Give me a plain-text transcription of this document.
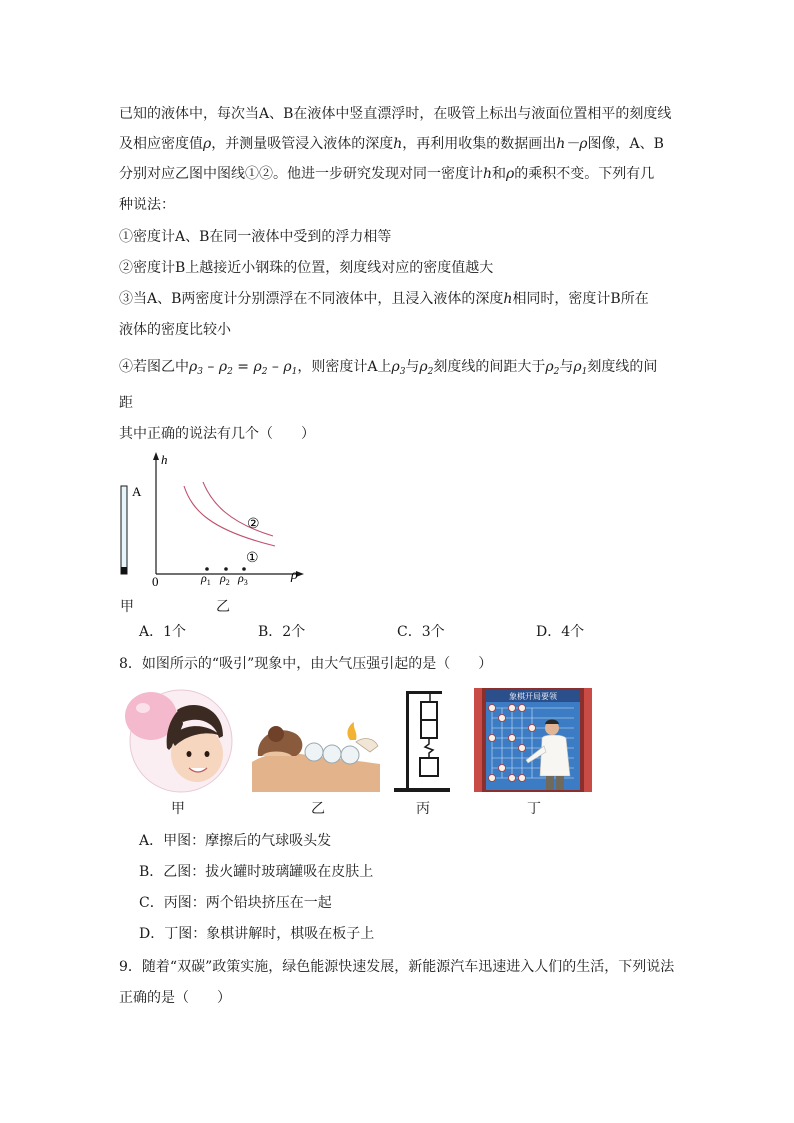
已知的液体中，每次当A、B在液体中竖直漂浮时，在吸管上标出与液面位置相平的刻度线
及相应密度值ρ，并测量吸管浸入液体的深度h，再利用收集的数据画出h－ρ图像，A、B
分别对应乙图中图线①②。他进一步研究发现对同一密度计h和ρ的乘积不变。下列有几
种说法：
①密度计A、B在同一液体中受到的浮力相等
②密度计B上越接近小钢珠的位置，刻度线对应的密度值越大
③当A、B两密度计分别漂浮在不同液体中，且浸入液体的深度h相同时，密度计B所在
液体的密度比较小
④若图乙中$\rho_3 - \rho_2 = \rho_2 - \rho_1$，则密度计A上$\rho_3$与$\rho_2$刻度线的间距大于$\rho_2$与$\rho_1$刻度线的间
距
其中正确的说法有几个（　　）
A
h
ρ
0
②
①
$\rho_1$ $\rho_2$ $\rho_3$
甲	乙
A．1个	B．2个	C．3个	D．4个
8．如图所示的“吸引”现象中，由大气压强引起的是（　　）
象棋开局要领
甲	乙	丙	丁
A．甲图：摩擦后的气球吸头发
B．乙图：拔火罐时玻璃罐吸在皮肤上
C．丙图：两个铅块挤压在一起
D．丁图：象棋讲解时，棋吸在板子上
9．随着“双碳”政策实施，绿色能源快速发展，新能源汽车迅速进入人们的生活，下列说法
正确的是（　　）
